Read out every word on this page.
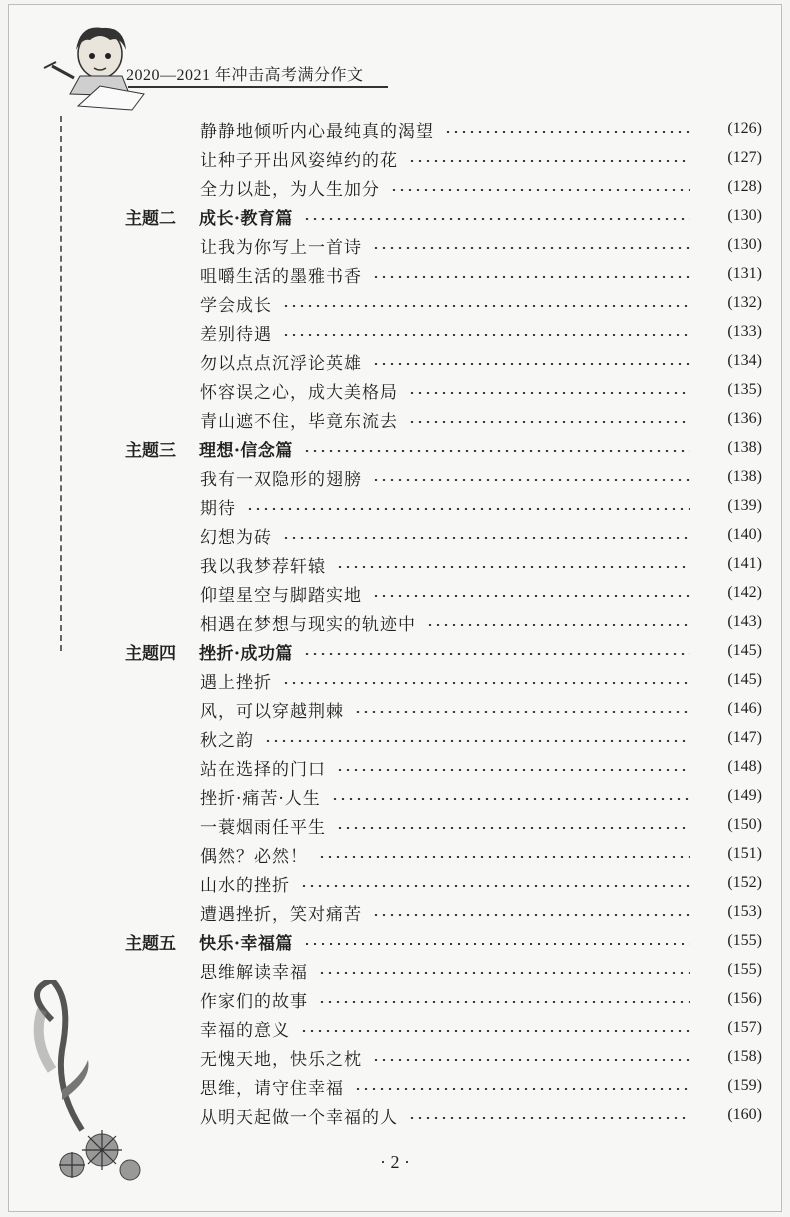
2020—2021 年冲击高考满分作文
静静地倾听内心最纯真的渴望	(126)
让种子开出风姿绰约的花	(127)
全力以赴，为人生加分	(128)
主题二 成长·教育篇	(130)
让我为你写上一首诗	(130)
咀嚼生活的墨雅书香	(131)
学会成长	(132)
差别待遇	(133)
勿以点点沉浮论英雄	(134)
怀容误之心，成大美格局	(135)
青山遮不住，毕竟东流去	(136)
主题三 理想·信念篇	(138)
我有一双隐形的翅膀	(138)
期待	(139)
幻想为砖	(140)
我以我梦荐轩辕	(141)
仰望星空与脚踏实地	(142)
相遇在梦想与现实的轨迹中	(143)
主题四 挫折·成功篇	(145)
遇上挫折	(145)
风，可以穿越荆棘	(146)
秋之韵	(147)
站在选择的门口	(148)
挫折·痛苦·人生	(149)
一蓑烟雨任平生	(150)
偶然？必然！	(151)
山水的挫折	(152)
遭遇挫折，笑对痛苦	(153)
主题五 快乐·幸福篇	(155)
思维解读幸福	(155)
作家们的故事	(156)
幸福的意义	(157)
无愧天地，快乐之枕	(158)
思维，请守住幸福	(159)
从明天起做一个幸福的人	(160)
· 2 ·
